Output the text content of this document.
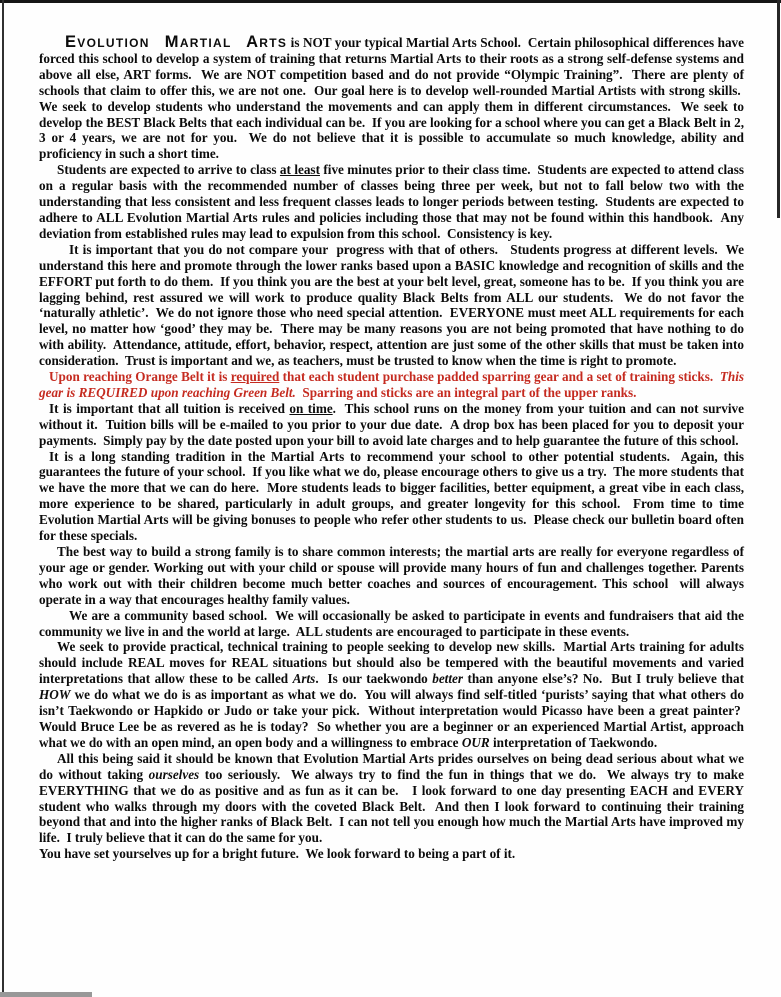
Evolution Martial Arts is NOT your typical Martial Arts School.  Certain philosophical differences have forced this school to develop a system of training that returns Martial Arts to their roots as a strong self-defense systems and above all else, ART forms.  We are NOT competition based and do not provide “Olympic Training”.  There are plenty of schools that claim to offer this, we are not one.  Our goal here is to develop well-rounded Martial Artists with strong skills.  We seek to develop students who understand the movements and can apply them in different circumstances.  We seek to develop the BEST Black Belts that each individual can be.  If you are looking for a school where you can get a Black Belt in 2, 3 or 4 years, we are not for you.  We do not believe that it is possible to accumulate so much knowledge, ability and proficiency in such a short time.

Students are expected to arrive to class at least five minutes prior to their class time.  Students are expected to attend class on a regular basis with the recommended number of classes being three per week, but not to fall below two with the understanding that less consistent and less frequent classes leads to longer periods between testing.  Students are expected to adhere to ALL Evolution Martial Arts rules and policies including those that may not be found within this handbook.  Any deviation from established rules may lead to expulsion from this school.  Consistency is key.

It is important that you do not compare your  progress with that of others.   Students progress at different levels.  We understand this here and promote through the lower ranks based upon a BASIC knowledge and recognition of skills and the EFFORT put forth to do them.  If you think you are the best at your belt level, great, someone has to be.  If you think you are lagging behind, rest assured we will work to produce quality Black Belts from ALL our students.  We do not favor the ‘naturally athletic’.  We do not ignore those who need special attention.  EVERYONE must meet ALL requirements for each level, no matter how ‘good’ they may be.  There may be many reasons you are not being promoted that have nothing to do with ability.  Attendance, attitude, effort, behavior, respect, attention are just some of the other skills that must be taken into consideration.  Trust is important and we, as teachers, must be trusted to know when the time is right to promote.

Upon reaching Orange Belt it is required that each student purchase padded sparring gear and a set of training sticks.  This gear is REQUIRED upon reaching Green Belt.  Sparring and sticks are an integral part of the upper ranks.

It is important that all tuition is received on time.  This school runs on the money from your tuition and can not survive without it.  Tuition bills will be e-mailed to you prior to your due date.  A drop box has been placed for you to deposit your payments.  Simply pay by the date posted upon your bill to avoid late charges and to help guarantee the future of this school.

It is a long standing tradition in the Martial Arts to recommend your school to other potential students.  Again, this guarantees the future of your school.  If you like what we do, please encourage others to give us a try.  The more students that we have the more that we can do here.  More students leads to bigger facilities, better equipment, a great vibe in each class, more experience to be shared, particularly in adult groups, and greater longevity for this school.  From time to time Evolution Martial Arts will be giving bonuses to people who refer other students to us.  Please check our bulletin board often for these specials.

The best way to build a strong family is to share common interests; the martial arts are really for everyone regardless of your age or gender. Working out with your child or spouse will provide many hours of fun and challenges together. Parents who work out with their children become much better coaches and sources of encouragement. This school  will always operate in a way that encourages healthy family values.

We are a community based school.  We will occasionally be asked to participate in events and fundraisers that aid the community we live in and the world at large.  ALL students are encouraged to participate in these events.

We seek to provide practical, technical training to people seeking to develop new skills.  Martial Arts training for adults should include REAL moves for REAL situations but should also be tempered with the beautiful movements and varied interpretations that allow these to be called Arts.  Is our taekwondo better than anyone else’s? No.  But I truly believe that HOW we do what we do is as important as what we do.  You will always find self-titled ‘purists’ saying that what others do isn’t Taekwondo or Hapkido or Judo or take your pick.  Without interpretation would Picasso have been a great painter?  Would Bruce Lee be as revered as he is today?  So whether you are a beginner or an experienced Martial Artist, approach what we do with an open mind, an open body and a willingness to embrace OUR interpretation of Taekwondo.

All this being said it should be known that Evolution Martial Arts prides ourselves on being dead serious about what we do without taking ourselves too seriously.  We always try to find the fun in things that we do.  We always try to make EVERYTHING that we do as positive and as fun as it can be.   I look forward to one day presenting EACH and EVERY student who walks through my doors with the coveted Black Belt.  And then I look forward to continuing their training beyond that and into the higher ranks of Black Belt.  I can not tell you enough how much the Martial Arts have improved my life.  I truly believe that it can do the same for you.

You have set yourselves up for a bright future.  We look forward to being a part of it.
